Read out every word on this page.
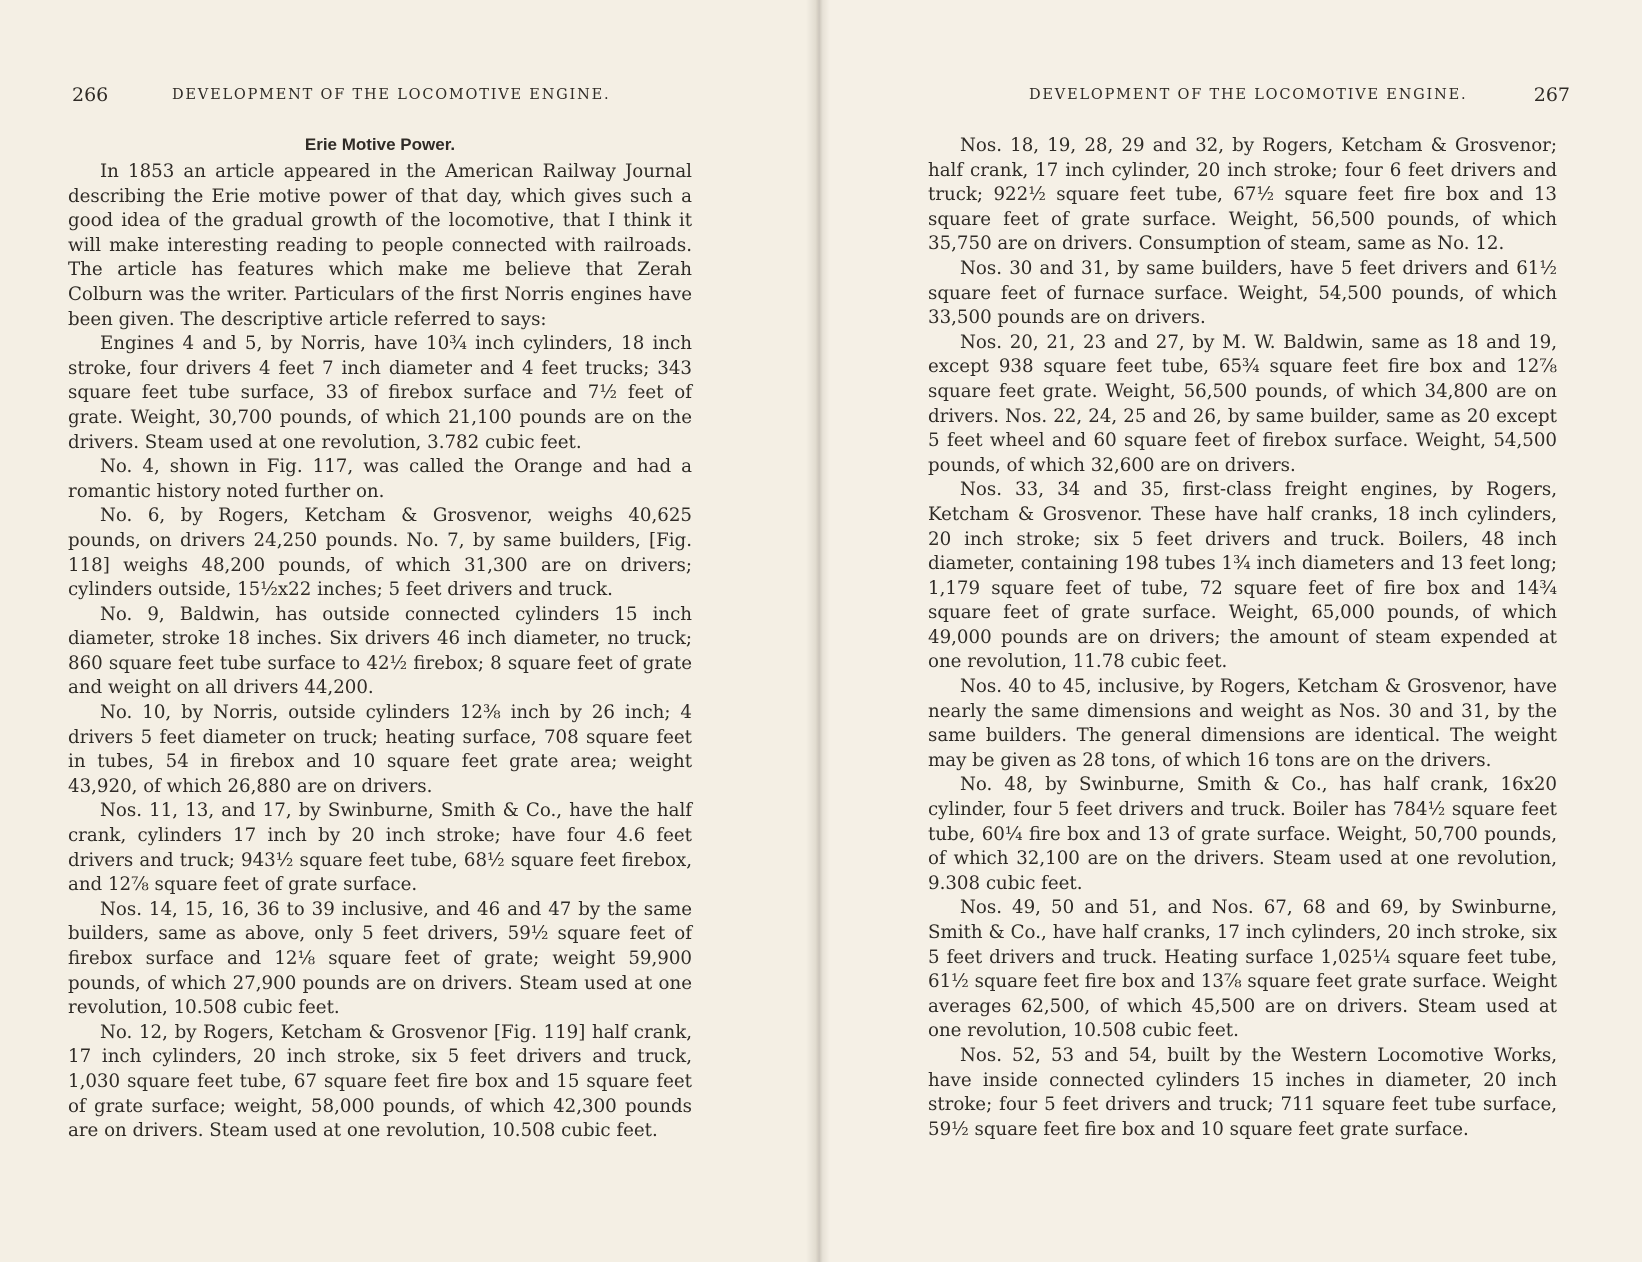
266	DEVELOPMENT OF THE LOCOMOTIVE ENGINE.
Erie Motive Power.

In 1853 an article appeared in the American Railway Journal describing the Erie motive power of that day, which gives such a good idea of the gradual growth of the locomotive, that I think it will make interesting reading to people connected with railroads. The article has features which make me believe that Zerah Colburn was the writer. Particulars of the first Norris engines have been given. The descriptive article referred to says:

Engines 4 and 5, by Norris, have 10¾ inch cylinders, 18 inch stroke, four drivers 4 feet 7 inch diameter and 4 feet trucks; 343 square feet tube surface, 33 of firebox surface and 7½ feet of grate. Weight, 30,700 pounds, of which 21,100 pounds are on the drivers. Steam used at one revolution, 3.782 cubic feet.

No. 4, shown in Fig. 117, was called the Orange and had a romantic history noted further on.

No. 6, by Rogers, Ketcham & Grosvenor, weighs 40,625 pounds, on drivers 24,250 pounds. No. 7, by same builders, [Fig. 118] weighs 48,200 pounds, of which 31,300 are on drivers; cylinders outside, 15½x22 inches; 5 feet drivers and truck.

No. 9, Baldwin, has outside connected cylinders 15 inch diameter, stroke 18 inches. Six drivers 46 inch diameter, no truck; 860 square feet tube surface to 42½ firebox; 8 square feet of grate and weight on all drivers 44,200.

No. 10, by Norris, outside cylinders 12⅜ inch by 26 inch; 4 drivers 5 feet diameter on truck; heating surface, 708 square feet in tubes, 54 in firebox and 10 square feet grate area; weight 43,920, of which 26,880 are on drivers.

Nos. 11, 13, and 17, by Swinburne, Smith & Co., have the half crank, cylinders 17 inch by 20 inch stroke; have four 4.6 feet drivers and truck; 943½ square feet tube, 68½ square feet firebox, and 12⅞ square feet of grate surface.

Nos. 14, 15, 16, 36 to 39 inclusive, and 46 and 47 by the same builders, same as above, only 5 feet drivers, 59½ square feet of firebox surface and 12⅛ square feet of grate; weight 59,900 pounds, of which 27,900 pounds are on drivers. Steam used at one revolution, 10.508 cubic feet.

No. 12, by Rogers, Ketcham & Grosvenor [Fig. 119] half crank, 17 inch cylinders, 20 inch stroke, six 5 feet drivers and truck, 1,030 square feet tube, 67 square feet fire box and 15 square feet of grate surface; weight, 58,000 pounds, of which 42,300 pounds are on drivers. Steam used at one revolution, 10.508 cubic feet.

DEVELOPMENT OF THE LOCOMOTIVE ENGINE.	267

Nos. 18, 19, 28, 29 and 32, by Rogers, Ketcham & Grosvenor; half crank, 17 inch cylinder, 20 inch stroke; four 6 feet drivers and truck; 922½ square feet tube, 67½ square feet fire box and 13 square feet of grate surface. Weight, 56,500 pounds, of which 35,750 are on drivers. Consumption of steam, same as No. 12.

Nos. 30 and 31, by same builders, have 5 feet drivers and 61½ square feet of furnace surface. Weight, 54,500 pounds, of which 33,500 pounds are on drivers.

Nos. 20, 21, 23 and 27, by M. W. Baldwin, same as 18 and 19, except 938 square feet tube, 65¾ square feet fire box and 12⅞ square feet grate. Weight, 56,500 pounds, of which 34,800 are on drivers. Nos. 22, 24, 25 and 26, by same builder, same as 20 except 5 feet wheel and 60 square feet of firebox surface. Weight, 54,500 pounds, of which 32,600 are on drivers.

Nos. 33, 34 and 35, first-class freight engines, by Rogers, Ketcham & Grosvenor. These have half cranks, 18 inch cylinders, 20 inch stroke; six 5 feet drivers and truck. Boilers, 48 inch diameter, containing 198 tubes 1¾ inch diameters and 13 feet long; 1,179 square feet of tube, 72 square feet of fire box and 14¾ square feet of grate surface. Weight, 65,000 pounds, of which 49,000 pounds are on drivers; the amount of steam expended at one revolution, 11.78 cubic feet.

Nos. 40 to 45, inclusive, by Rogers, Ketcham & Grosvenor, have nearly the same dimensions and weight as Nos. 30 and 31, by the same builders. The general dimensions are identical. The weight may be given as 28 tons, of which 16 tons are on the drivers.

No. 48, by Swinburne, Smith & Co., has half crank, 16x20 cylinder, four 5 feet drivers and truck. Boiler has 784½ square feet tube, 60¼ fire box and 13 of grate surface. Weight, 50,700 pounds, of which 32,100 are on the drivers. Steam used at one revolution, 9.308 cubic feet.

Nos. 49, 50 and 51, and Nos. 67, 68 and 69, by Swinburne, Smith & Co., have half cranks, 17 inch cylinders, 20 inch stroke, six 5 feet drivers and truck. Heating surface 1,025¼ square feet tube, 61½ square feet fire box and 13⅞ square feet grate surface. Weight averages 62,500, of which 45,500 are on drivers. Steam used at one revolution, 10.508 cubic feet.

Nos. 52, 53 and 54, built by the Western Locomotive Works, have inside connected cylinders 15 inches in diameter, 20 inch stroke; four 5 feet drivers and truck; 711 square feet tube surface, 59½ square feet fire box and 10 square feet grate surface.
